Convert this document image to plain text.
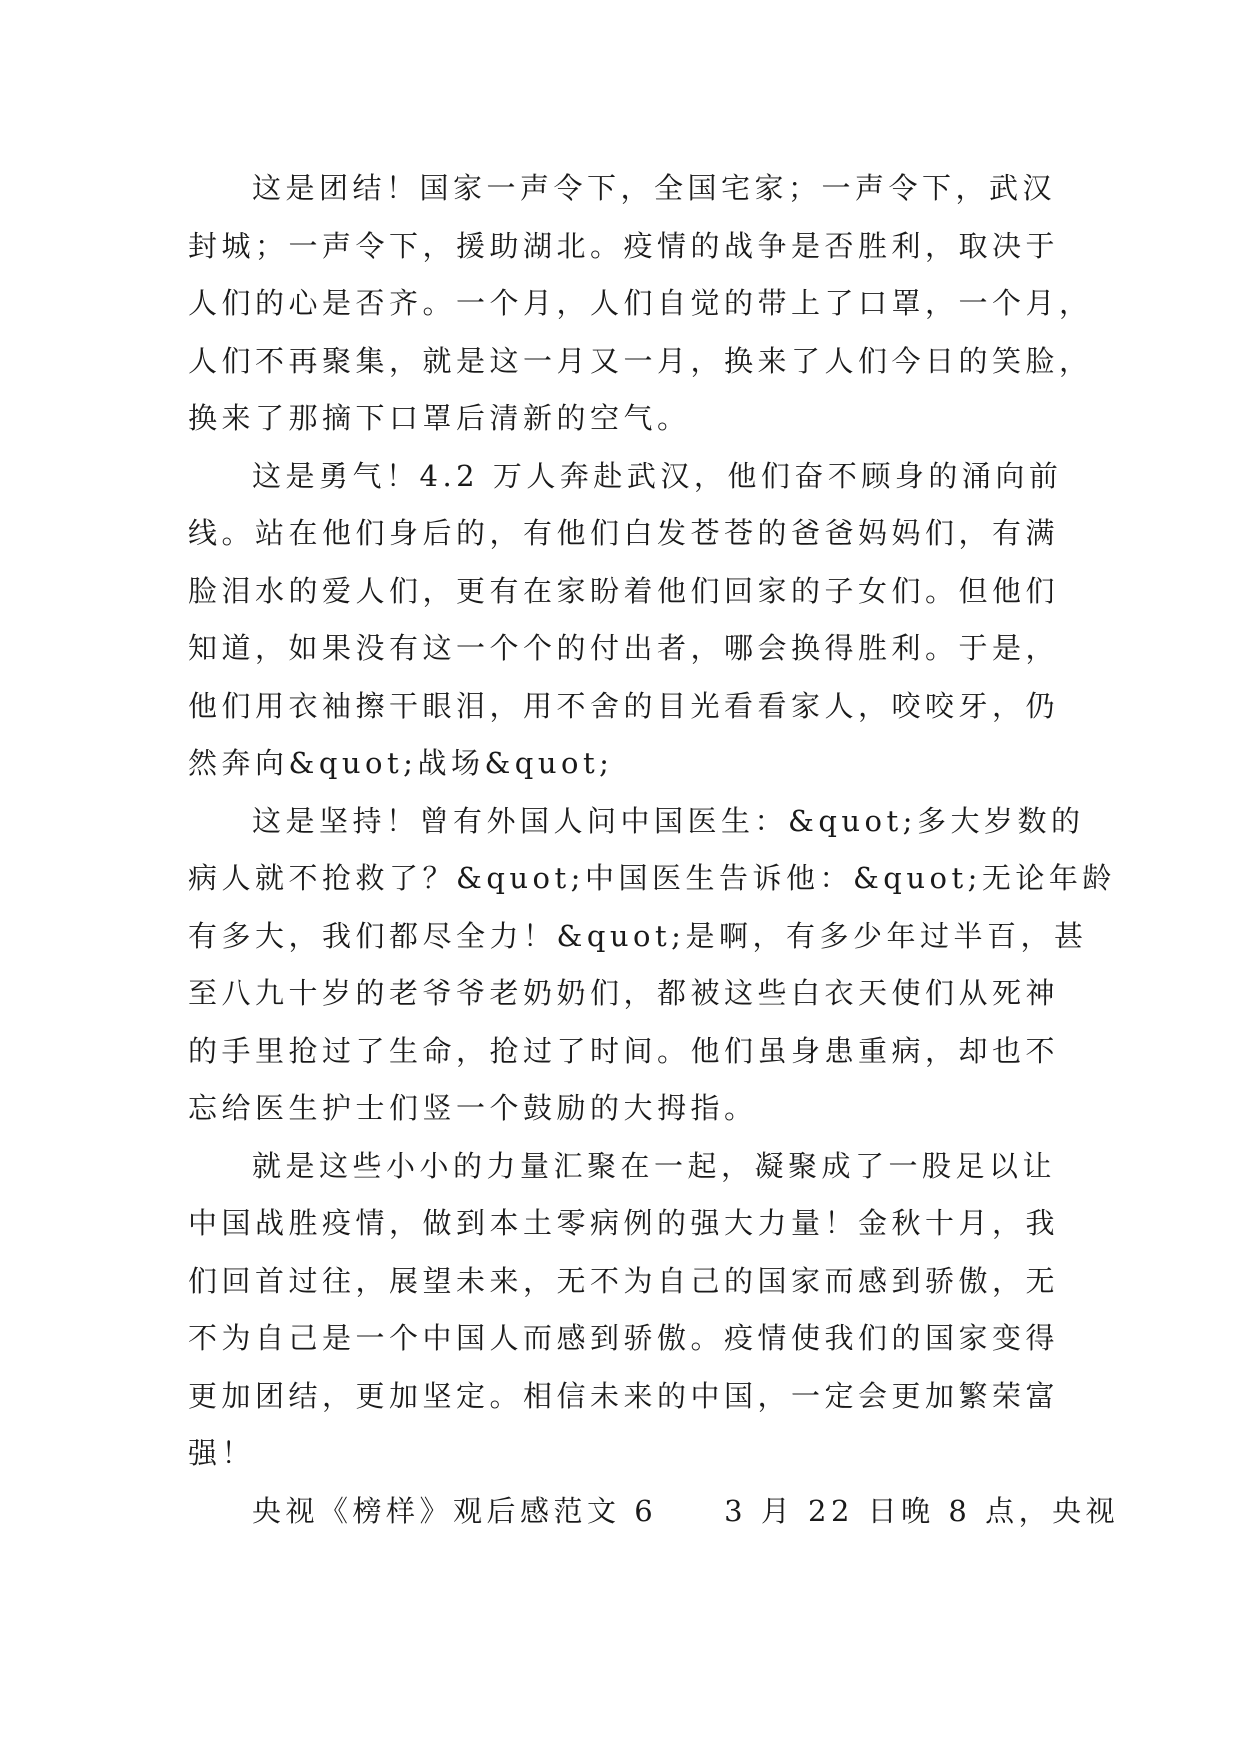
这是团结！国家一声令下，全国宅家；一声令下，武汉
封城；一声令下，援助湖北。疫情的战争是否胜利，取决于
人们的心是否齐。一个月，人们自觉的带上了口罩，一个月，
人们不再聚集，就是这一月又一月，换来了人们今日的笑脸，
换来了那摘下口罩后清新的空气。
这是勇气！4.2 万人奔赴武汉，他们奋不顾身的涌向前
线。站在他们身后的，有他们白发苍苍的爸爸妈妈们，有满
脸泪水的爱人们，更有在家盼着他们回家的子女们。但他们
知道，如果没有这一个个的付出者，哪会换得胜利。于是，
他们用衣袖擦干眼泪，用不舍的目光看看家人，咬咬牙，仍
然奔向&quot;战场&quot;
这是坚持！曾有外国人问中国医生：&quot;多大岁数的
病人就不抢救了？&quot;中国医生告诉他：&quot;无论年龄
有多大，我们都尽全力！&quot;是啊，有多少年过半百，甚
至八九十岁的老爷爷老奶奶们，都被这些白衣天使们从死神
的手里抢过了生命，抢过了时间。他们虽身患重病，却也不
忘给医生护士们竖一个鼓励的大拇指。
就是这些小小的力量汇聚在一起，凝聚成了一股足以让
中国战胜疫情，做到本土零病例的强大力量！金秋十月，我
们回首过往，展望未来，无不为自己的国家而感到骄傲，无
不为自己是一个中国人而感到骄傲。疫情使我们的国家变得
更加团结，更加坚定。相信未来的中国，一定会更加繁荣富
强！
央视《榜样》观后感范文 6　　3 月 22 日晚 8 点，央视
